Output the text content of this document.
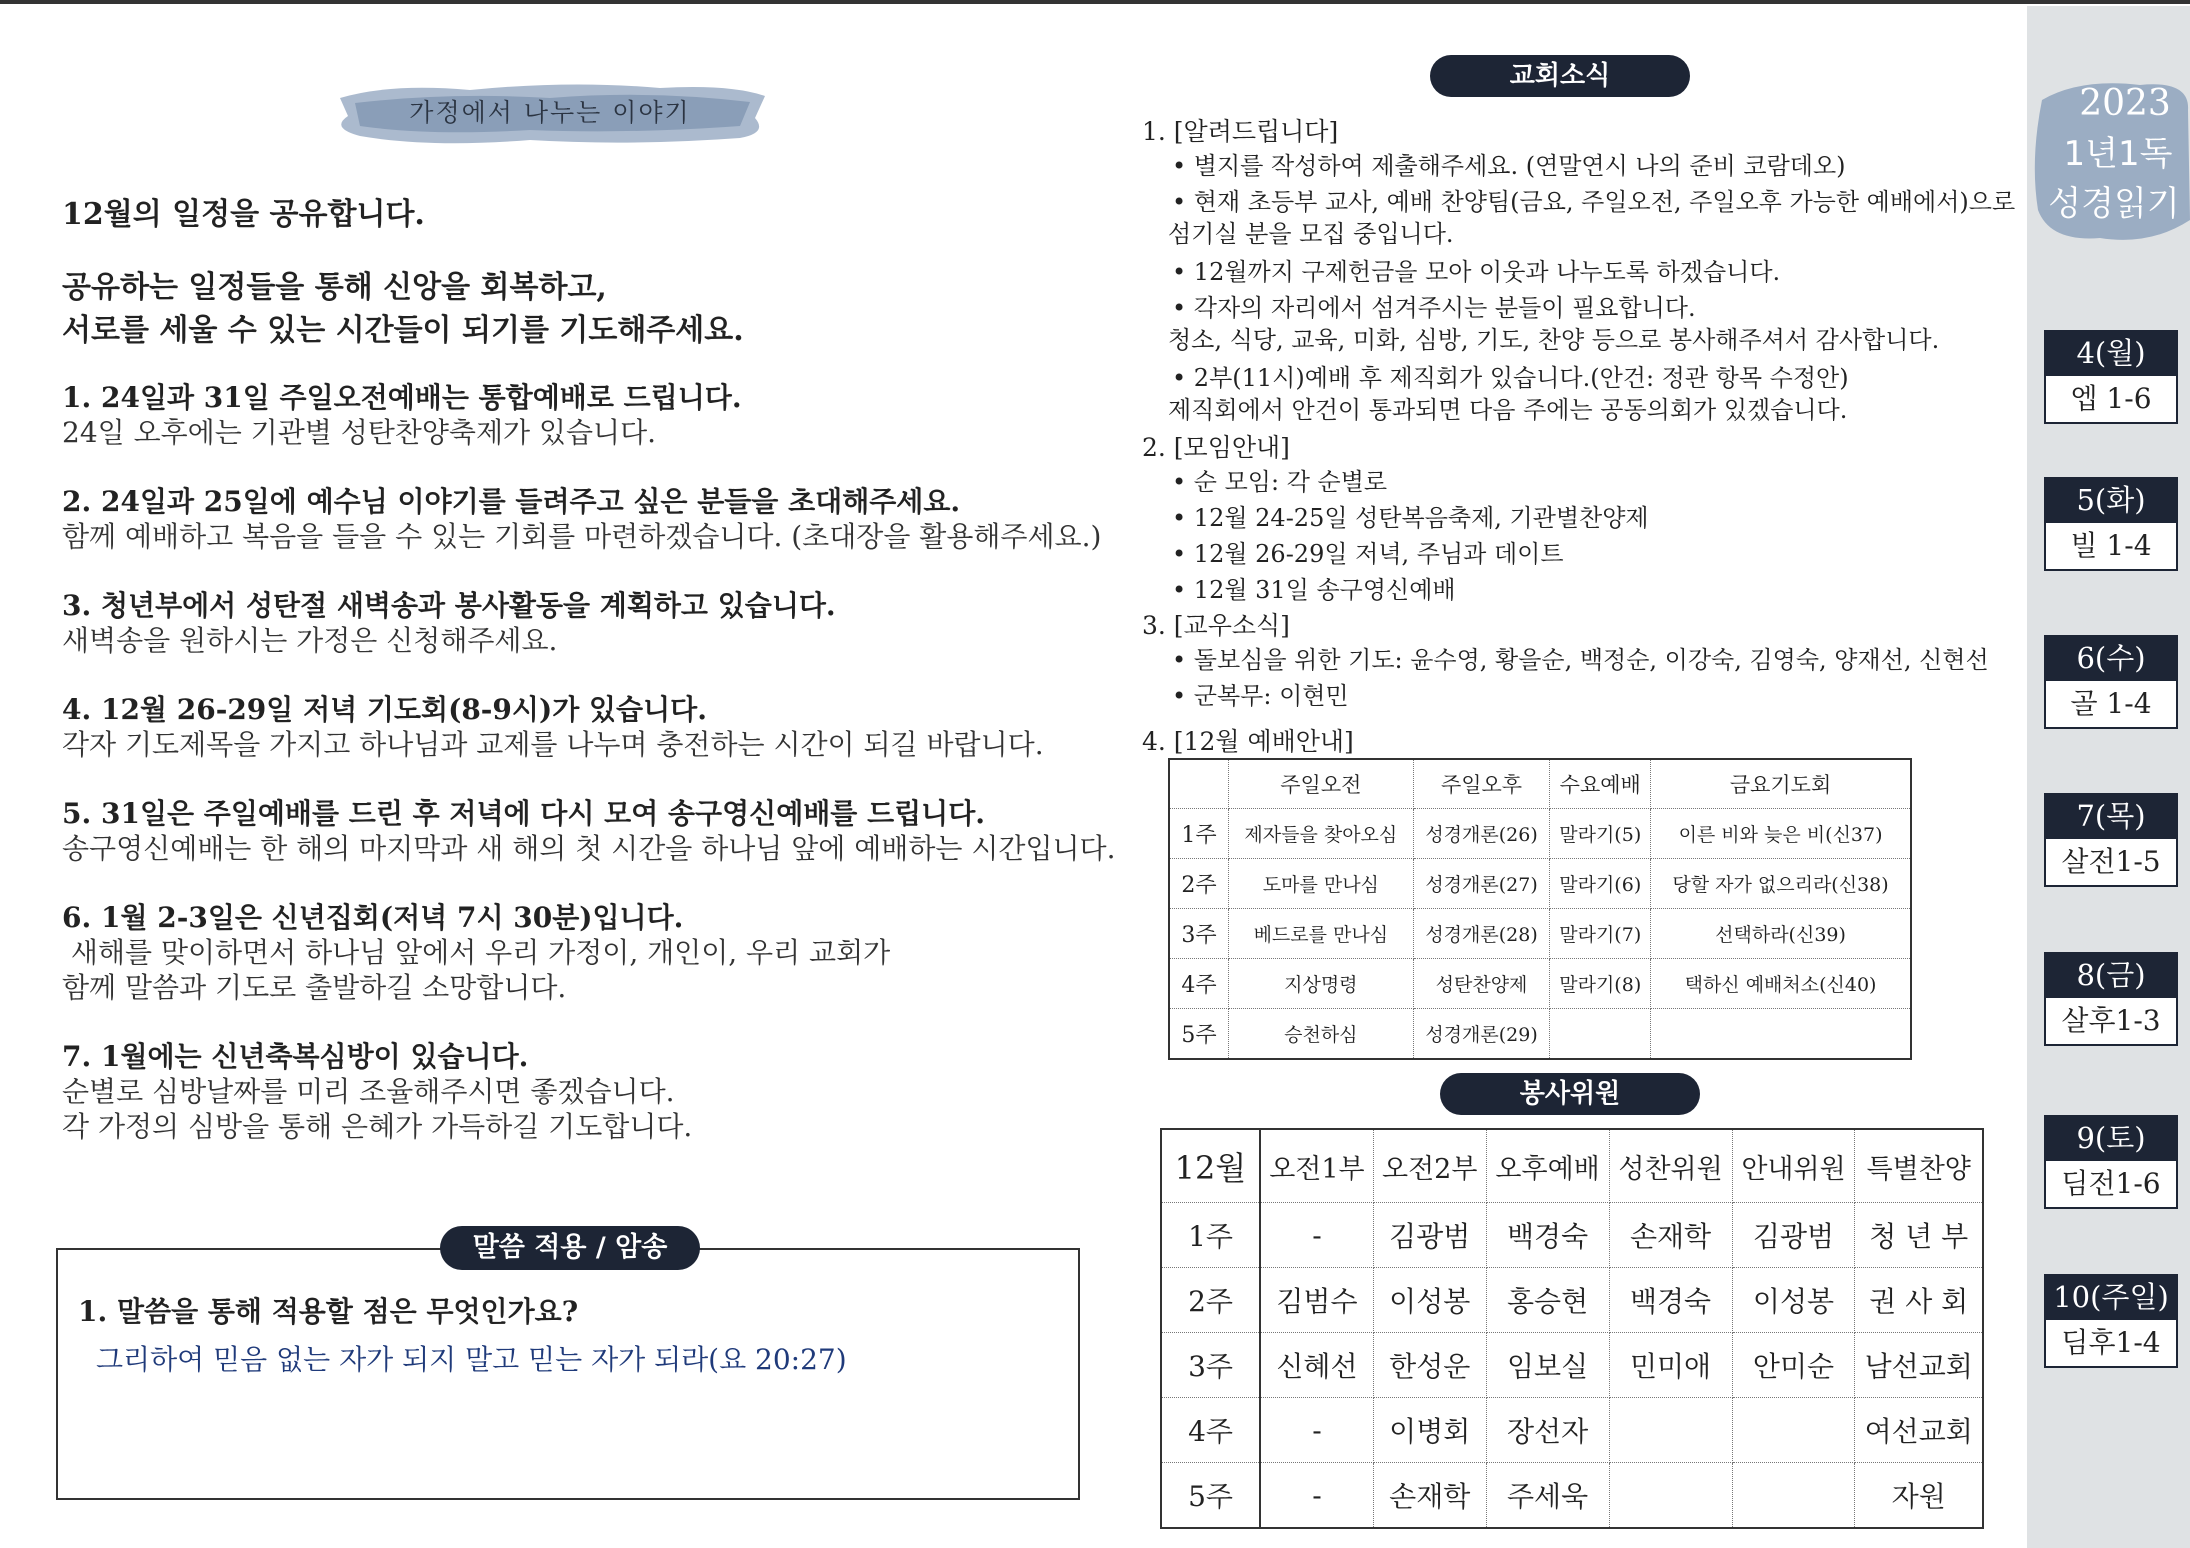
가정에서 나누는 이야기

12월의 일정을 공유합니다.

공유하는 일정들을 통해 신앙을 회복하고,
서로를 세울 수 있는 시간들이 되기를 기도해주세요.

1. 24일과 31일 주일오전예배는 통합예배로 드립니다.
24일 오후에는 기관별 성탄찬양축제가 있습니다.
2. 24일과 25일에 예수님 이야기를 들려주고 싶은 분들을 초대해주세요.
함께 예배하고 복음을 들을 수 있는 기회를 마련하겠습니다. (초대장을 활용해주세요.)
3. 청년부에서 성탄절 새벽송과 봉사활동을 계획하고 있습니다.
새벽송을 원하시는 가정은 신청해주세요.
4. 12월 26-29일 저녁 기도회(8-9시)가 있습니다.
각자 기도제목을 가지고 하나님과 교제를 나누며 충전하는 시간이 되길 바랍니다.
5. 31일은 주일예배를 드린 후 저녁에 다시 모여 송구영신예배를 드립니다.
송구영신예배는 한 해의 마지막과 새 해의 첫 시간을 하나님 앞에 예배하는 시간입니다.
6. 1월 2-3일은 신년집회(저녁 7시 30분)입니다.
새해를 맞이하면서 하나님 앞에서 우리 가정이, 개인이, 우리 교회가
함께 말씀과 기도로 출발하길 소망합니다.
7. 1월에는 신년축복심방이 있습니다.
순별로 심방날짜를 미리 조율해주시면 좋겠습니다.
각 가정의 심방을 통해 은혜가 가득하길 기도합니다.
말씀 적용 / 암송
1. 말씀을 통해 적용할 점은 무엇인가요?
그리하여 믿음 없는 자가 되지 말고 믿는 자가 되라(요 20:27)
교회소식

1. [알려드립니다]

• 별지를 작성하여 제출해주세요. (연말연시 나의 준비 코람데오)
• 현재 초등부 교사, 예배 찬양팀(금요, 주일오전, 주일오후 가능한 예배에서)으로
섬기실 분을 모집 중입니다.
• 12월까지 구제헌금을 모아 이웃과 나누도록 하겠습니다.
• 각자의 자리에서 섬겨주시는 분들이 필요합니다.
청소, 식당, 교육, 미화, 심방, 기도, 찬양 등으로 봉사해주셔서 감사합니다.
• 2부(11시)예배 후 제직회가 있습니다.(안건: 정관 항목 수정안)
제직회에서 안건이 통과되면 다음 주에는 공동의회가 있겠습니다.

2. [모임안내]

• 순 모임: 각 순별로
• 12월 24-25일 성탄복음축제, 기관별찬양제
• 12월 26-29일 저녁, 주님과 데이트
• 12월 31일 송구영신예배

3. [교우소식]

• 돌보심을 위한 기도: 윤수영, 황을순, 백정순, 이강숙, 김영숙, 양재선, 신현선
• 군복무: 이현민

4. [12월 예배안내]

	주일오전	주일오후	수요예배	금요기도회
1주	제자들을 찾아오심	성경개론(26)	말라기(5)	이른 비와 늦은 비(신37)
2주	도마를 만나심	성경개론(27)	말라기(6)	당할 자가 없으리라(신38)
3주	베드로를 만나심	성경개론(28)	말라기(7)	선택하라(신39)
4주	지상명령	성탄찬양제	말라기(8)	택하신 예배처소(신40)
5주	승천하심	성경개론(29)		
봉사위원
12월	오전1부	오전2부	오후예배	성찬위원	안내위원	특별찬양
1주	-	김광범	백경숙	손재학	김광범	청 년 부
2주	김범수	이성봉	홍승현	백경숙	이성봉	권 사 회
3주	신혜선	한성운	임보실	민미애	안미순	남선교회
4주	-	이병회	장선자			여선교회
5주	-	손재학	주세욱			자원
2023
1년1독
성경읽기
4(월)
엡 1-6
5(화)
빌 1-4
6(수)
골 1-4
7(목)
살전1-5
8(금)
살후1-3
9(토)
딤전1-6
10(주일)
딤후1-4
